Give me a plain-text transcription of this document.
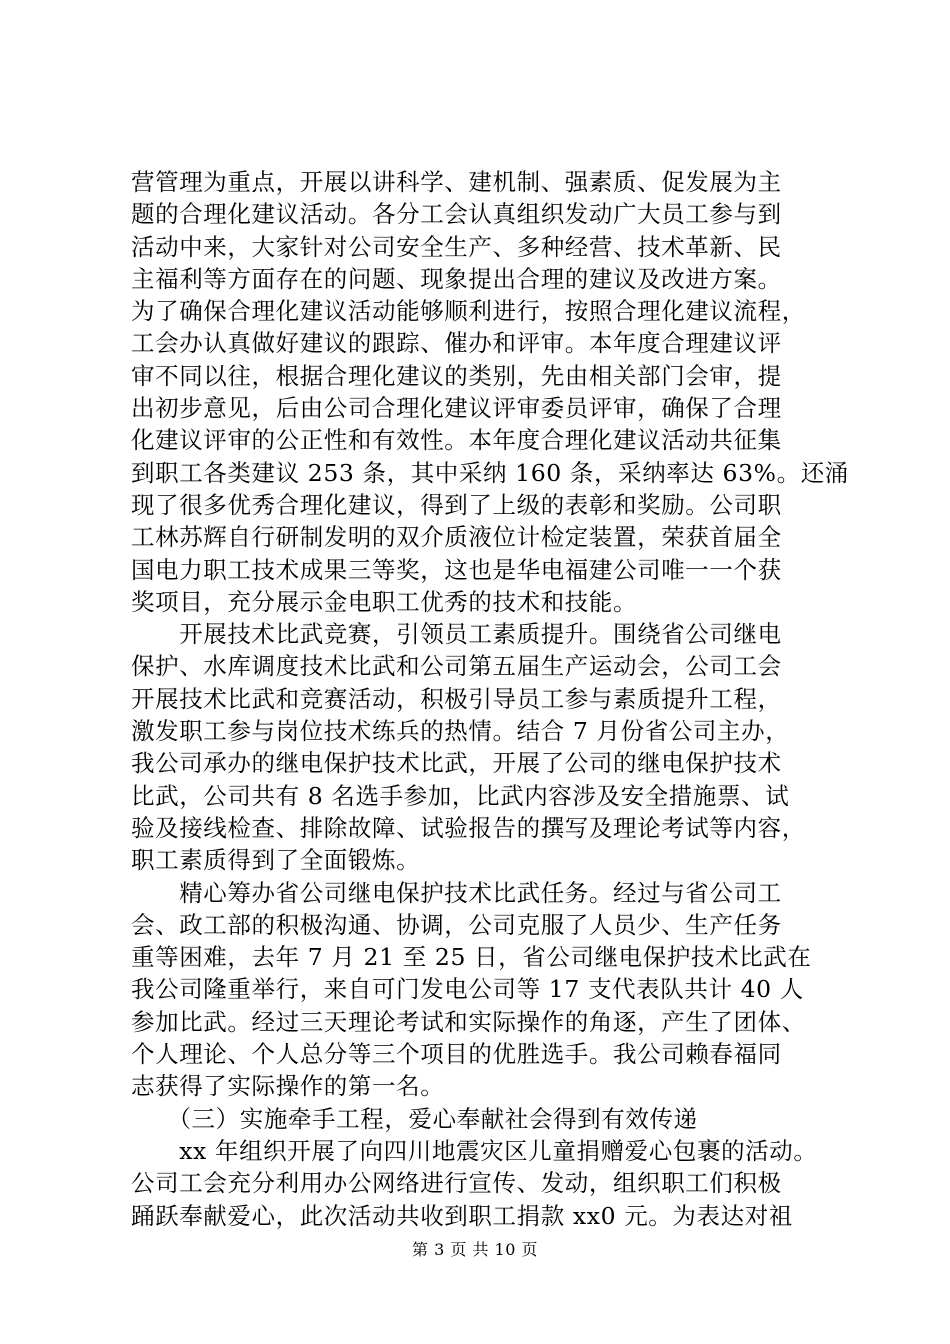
营管理为重点，开展以讲科学、建机制、强素质、促发展为主
题的合理化建议活动。各分工会认真组织发动广大员工参与到
活动中来，大家针对公司安全生产、多种经营、技术革新、民
主福利等方面存在的问题、现象提出合理的建议及改进方案。
为了确保合理化建议活动能够顺利进行，按照合理化建议流程，
工会办认真做好建议的跟踪、催办和评审。本年度合理建议评
审不同以往，根据合理化建议的类别，先由相关部门会审，提
出初步意见，后由公司合理化建议评审委员评审，确保了合理
化建议评审的公正性和有效性。本年度合理化建议活动共征集
到职工各类建议 253 条，其中采纳 160 条，采纳率达 63%。还涌
现了很多优秀合理化建议，得到了上级的表彰和奖励。公司职
工林苏辉自行研制发明的双介质液位计检定装置，荣获首届全
国电力职工技术成果三等奖，这也是华电福建公司唯一一个获
奖项目，充分展示金电职工优秀的技术和技能。
　　开展技术比武竞赛，引领员工素质提升。围绕省公司继电
保护、水库调度技术比武和公司第五届生产运动会，公司工会
开展技术比武和竞赛活动，积极引导员工参与素质提升工程，
激发职工参与岗位技术练兵的热情。结合 7 月份省公司主办，
我公司承办的继电保护技术比武，开展了公司的继电保护技术
比武，公司共有 8 名选手参加，比武内容涉及安全措施票、试
验及接线检查、排除故障、试验报告的撰写及理论考试等内容，
职工素质得到了全面锻炼。
　　精心筹办省公司继电保护技术比武任务。经过与省公司工
会、政工部的积极沟通、协调，公司克服了人员少、生产任务
重等困难，去年 7 月 21 至 25 日，省公司继电保护技术比武在
我公司隆重举行，来自可门发电公司等 17 支代表队共计 40 人
参加比武。经过三天理论考试和实际操作的角逐，产生了团体、
个人理论、个人总分等三个项目的优胜选手。我公司赖春福同
志获得了实际操作的第一名。
　　（三）实施牵手工程，爱心奉献社会得到有效传递
　　xx 年组织开展了向四川地震灾区儿童捐赠爱心包裹的活动。
公司工会充分利用办公网络进行宣传、发动，组织职工们积极
踊跃奉献爱心，此次活动共收到职工捐款 xx0 元。为表达对祖
第 3 页 共 10 页
